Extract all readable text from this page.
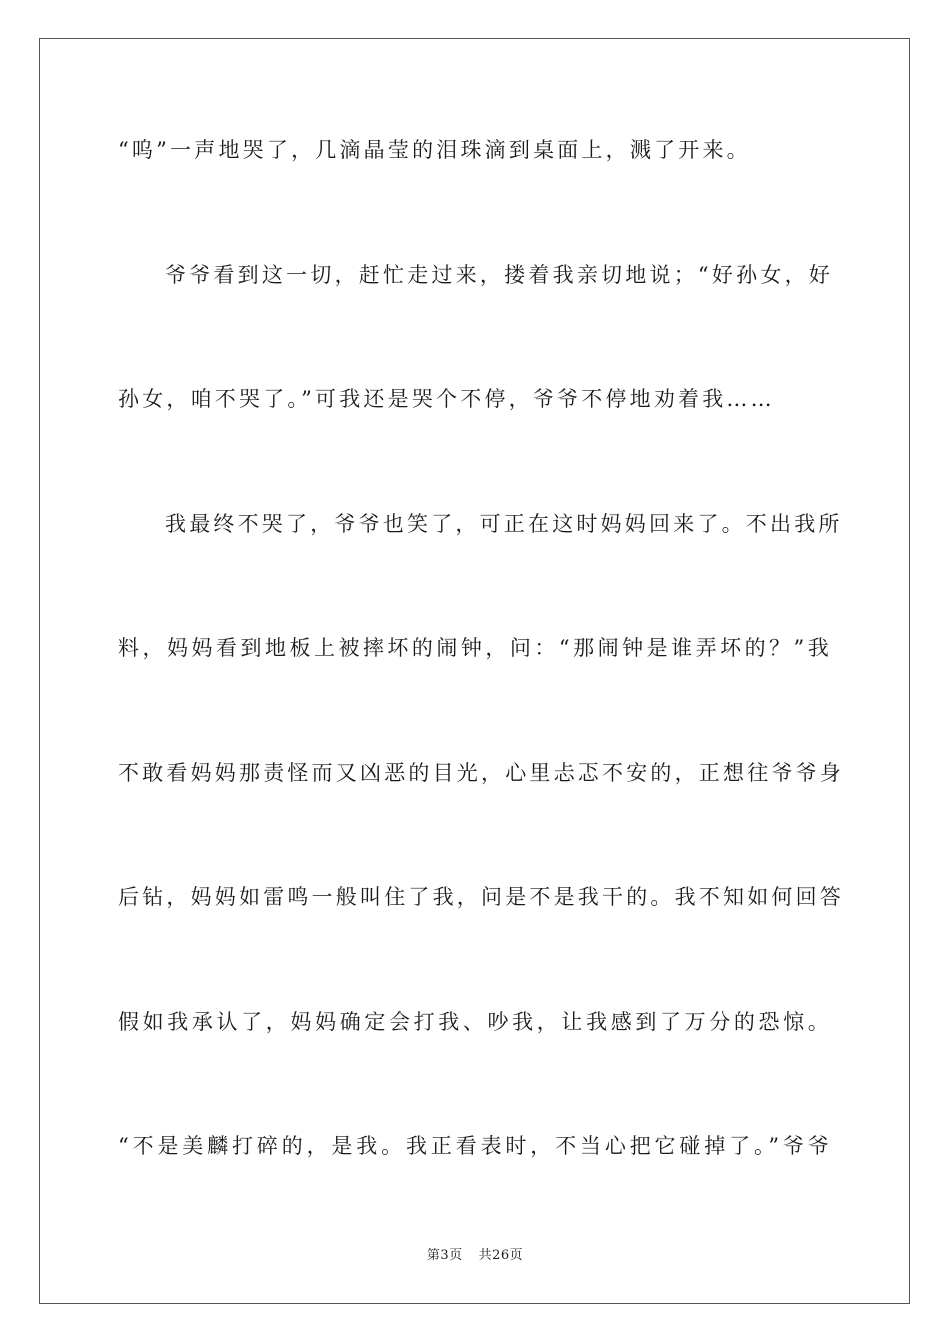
“呜”一声地哭了，几滴晶莹的泪珠滴到桌面上，溅了开来。
爷爷看到这一切，赶忙走过来，搂着我亲切地说；“好孙女，好
孙女，咱不哭了。”可我还是哭个不停，爷爷不停地劝着我……
我最终不哭了，爷爷也笑了，可正在这时妈妈回来了。不出我所
料，妈妈看到地板上被摔坏的闹钟，问：“那闹钟是谁弄坏的？”我
不敢看妈妈那责怪而又凶恶的目光，心里忐忑不安的，正想往爷爷身
后钻，妈妈如雷鸣一般叫住了我，问是不是我干的。我不知如何回答
假如我承认了，妈妈确定会打我、吵我，让我感到了万分的恐惊。
“不是美麟打碎的，是我。我正看表时，不当心把它碰掉了。”爷爷
第3页 共26页
